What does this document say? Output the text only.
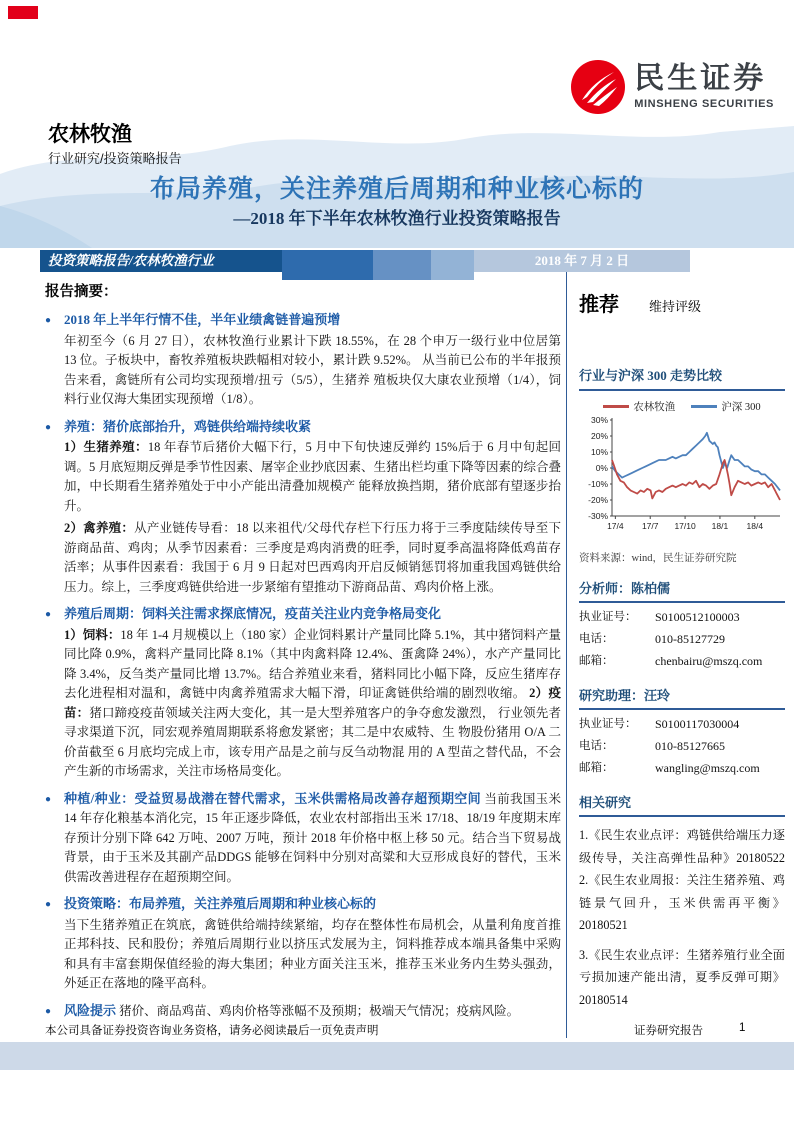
民生证券
MINSHENG SECURITIES
农林牧渔
行业研究/投资策略报告
布局养殖，关注养殖后周期和种业核心标的
—2018 年下半年农林牧渔行业投资策略报告
投资策略报告/农林牧渔行业	2018 年 7 月 2 日
报告摘要：
● 2018 年上半年行情不佳，半年业绩禽链普遍预增

年初至今（6 月 27 日），农林牧渔行业累计下跌 18.55%，在 28 个申万一级行业中位居第 13 位。子板块中，畜牧养殖板块跌幅相对较小，累计跌 9.52%。 从当前已公布的半年报预告来看，禽链所有公司均实现预增/扭亏（5/5），生猪养 殖板块仅大康农业预增（1/4），饲料行业仅海大集团实现预增（1/8）。

● 养殖：猪价底部抬升，鸡链供给端持续收紧

1）生猪养殖：18 年春节后猪价大幅下行，5 月中下旬快速反弹约 15%后于 6 月中旬起回调。5 月底短期反弹是季节性因素、屠宰企业抄底因素、生猪出栏均重下降等因素的综合叠加，中长期看生猪养殖处于中小产能出清叠加规模产 能释放换挡期，猪价底部有望逐步抬升。

2）禽养殖：从产业链传导看：18 以来祖代/父母代存栏下行压力将于三季度陆续传导至下游商品苗、鸡肉；从季节因素看：三季度是鸡肉消费的旺季，同时夏季高温将降低鸡苗存活率；从事件因素看：我国于 6 月 9 日起对巴西鸡肉开启反倾销惩罚将加重我国鸡链供给压力。综上，三季度鸡链供给进一步紧缩有望推动下游商品苗、鸡肉价格上涨。

● 养殖后周期：饲料关注需求探底情况，疫苗关注业内竞争格局变化

1）饲料：18 年 1-4 月规模以上（180 家）企业饲料累计产量同比降 5.1%，其中猪饲料产量同比降 0.9%，禽料产量同比降 8.1%（其中肉禽料降 12.4%、蛋禽降 24%），水产产量同比降 3.4%，反刍类产量同比增 13.7%。结合养殖业来看，猪料同比小幅下降，反应生猪库存去化进程相对温和，禽链中肉禽养殖需求大幅下滑，印证禽链供给端的剧烈收缩。 2）疫苗：猪口蹄疫疫苗领域关注两大变化，其一是大型养殖客户的争夺愈发激烈， 行业领先者寻求渠道下沉，同宏观养殖周期联系将愈发紧密；其二是中农威特、生 物股份猪用 O/A 二价苗截至 6 月底均完成上市，该专用产品是之前与反刍动物混 用的 A 型苗之替代品，不会产生新的市场需求，关注市场格局变化。

● 种植/种业：受益贸易战潜在替代需求，玉米供需格局改善存超预期空间 当前我国玉米 14 年存化粮基本消化完，15 年正逐步降低，农业农村部指出玉米 17/18、18/19 年度期末库存预计分别下降 642 万吨、2007 万吨，预计 2018 年价格中枢上移 50 元。结合当下贸易战背景，由于玉米及其副产品DDGS 能够在饲料中分别对高粱和大豆形成良好的替代，玉米供需改善进程存在超预期空间。

● 投资策略：布局养殖，关注养殖后周期和种业核心标的

当下生猪养殖正在筑底，禽链供给端持续紧缩，均存在整体性布局机会，从量利角度首推正邦科技、民和股份；养殖后周期行业以挤压式发展为主，饲料推荐成本端具备集中采购和具有丰富套期保值经验的海大集团；种业方面关注玉米，推荐玉米业务内生势头强劲，外延正在落地的隆平高科。

● 风险提示 猪价、商品鸡苗、鸡肉价格等涨幅不及预期；极端天气情况；疫病风险。

推荐 维持评级
行业与沪深 300 走势比较
农林牧渔	沪深 300
30%
20%
10%
0%
-10%
-20%
-30%
17/4 17/7 17/10 18/1 18/4
资料来源：wind，民生证券研究院
分析师：陈柏儒
执业证号：	S0100512100003
电话：	010-85127729
邮箱：	chenbairu@mszq.com
研究助理：汪玲
执业证号：	S0100117030004
电话：	010-85127665
邮箱：	wangling@mszq.com
相关研究

1.《民生农业点评：鸡链供给端压力逐级传导，关注高弹性品种》20180522 2.《民生农业周报：关注生猪养殖、鸡链景气回升，玉米供需再平衡》20180521

3.《民生农业点评：生猪养殖行业全面亏损加速产能出清，夏季反弹可期》20180514

本公司具备证券投资咨询业务资格，请务必阅读最后一页免责声明	证券研究报告	1
